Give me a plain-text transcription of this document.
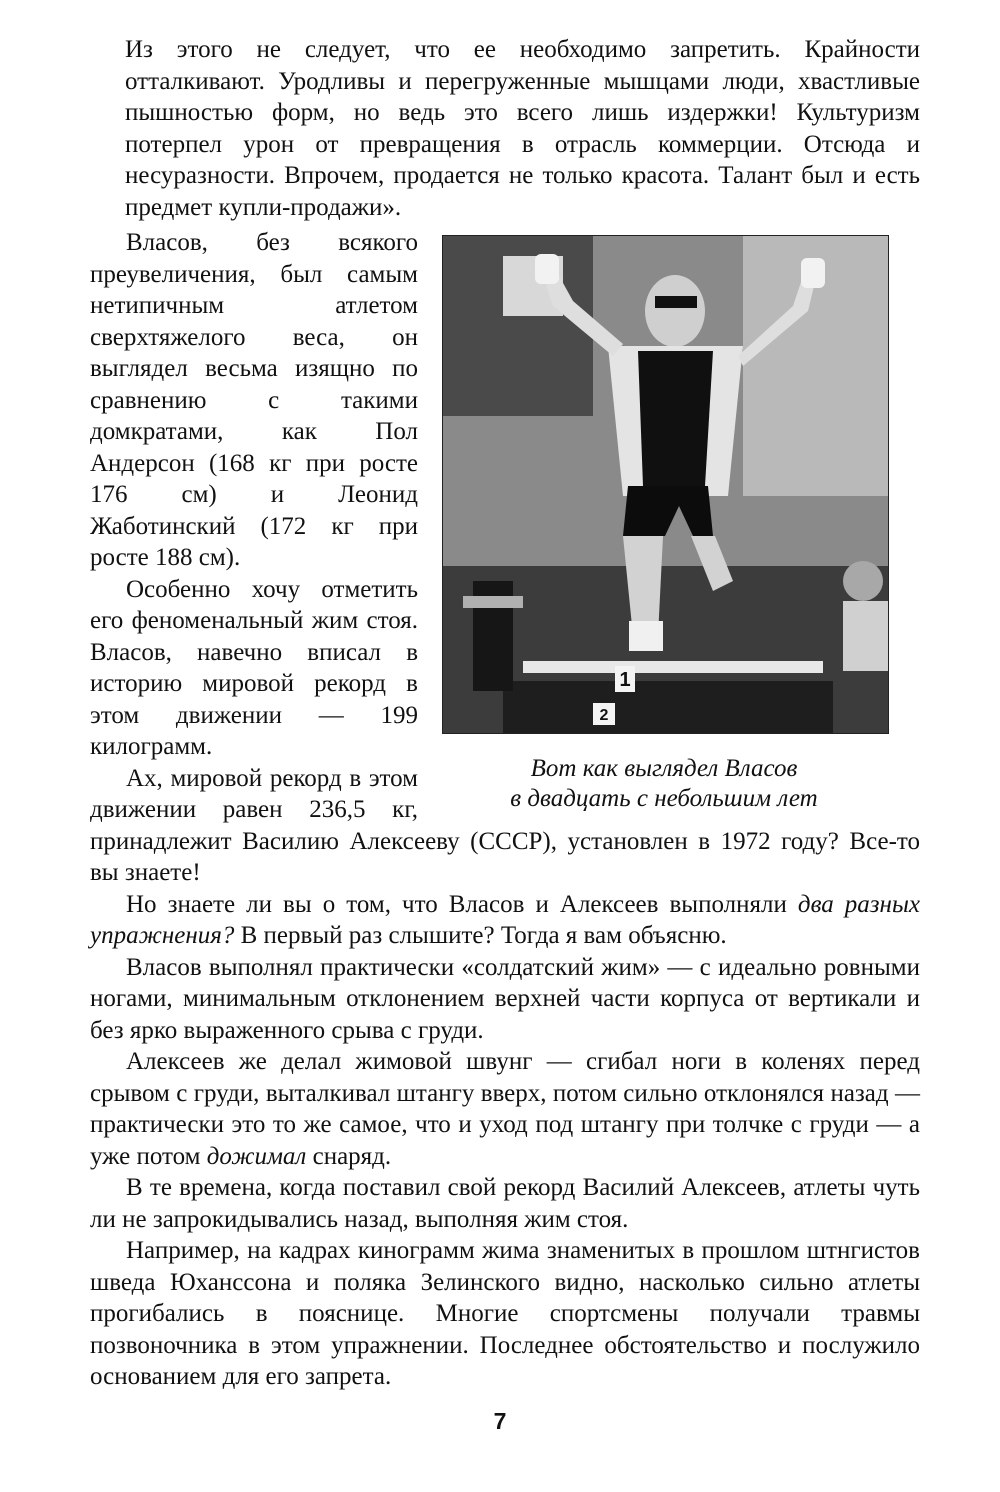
Из этого не следует, что ее необходимо запретить. Крайности отталкивают. Уродливы и перегруженные мышцами люди, хвастливые пышностью форм, но ведь это всего лишь издержки! Культуризм потерпел урон от превращения в отрасль коммерции. Отсюда и несуразности. Впрочем, продается не только красота. Талант был и есть предмет купли-продажи».

1
2
Вот как выглядел Власов
в двадцать с небольшим лет

Власов, без всякого преувеличения, был самым нетипичным атлетом сверхтяжелого веса, он выглядел весьма изящно по сравнению с такими домкратами, как Пол Андерсон (168 кг при росте 176 см) и Леонид Жаботинский (172 кг при росте 188 см).

Особенно хочу отметить его феноменальный жим стоя. Власов, навечно вписал в историю мировой рекорд в этом движении — 199 килограмм.

Ах, мировой рекорд в этом движении равен 236,5 кг, принадлежит Василию Алексееву (СССР), установлен в 1972 году? Все-то вы знаете!

Но знаете ли вы о том, что Власов и Алексеев выполняли два разных упражнения? В первый раз слышите? Тогда я вам объясню.

Власов выполнял практически «солдатский жим» — с идеально ровными ногами, минимальным отклонением верхней части корпуса от вертикали и без ярко выраженного срыва с груди.

Алексеев же делал жимовой швунг — сгибал ноги в коленях перед срывом с груди, выталкивал штангу вверх, потом сильно отклонялся назад — практически это то же самое, что и уход под штангу при толчке с груди — а уже потом дожимал снаряд.

В те времена, когда поставил свой рекорд Василий Алексеев, атлеты чуть ли не запрокидывались назад, выполняя жим стоя.

Например, на кадрах кинограмм жима знаменитых в прошлом штнгистов шведа Юханссона и поляка Зелинского видно, насколько сильно атлеты прогибались в пояснице. Многие спортсмены получали травмы позвоночника в этом упражнении. Последнее обстоятельство и послужило основанием для его запрета.

7
